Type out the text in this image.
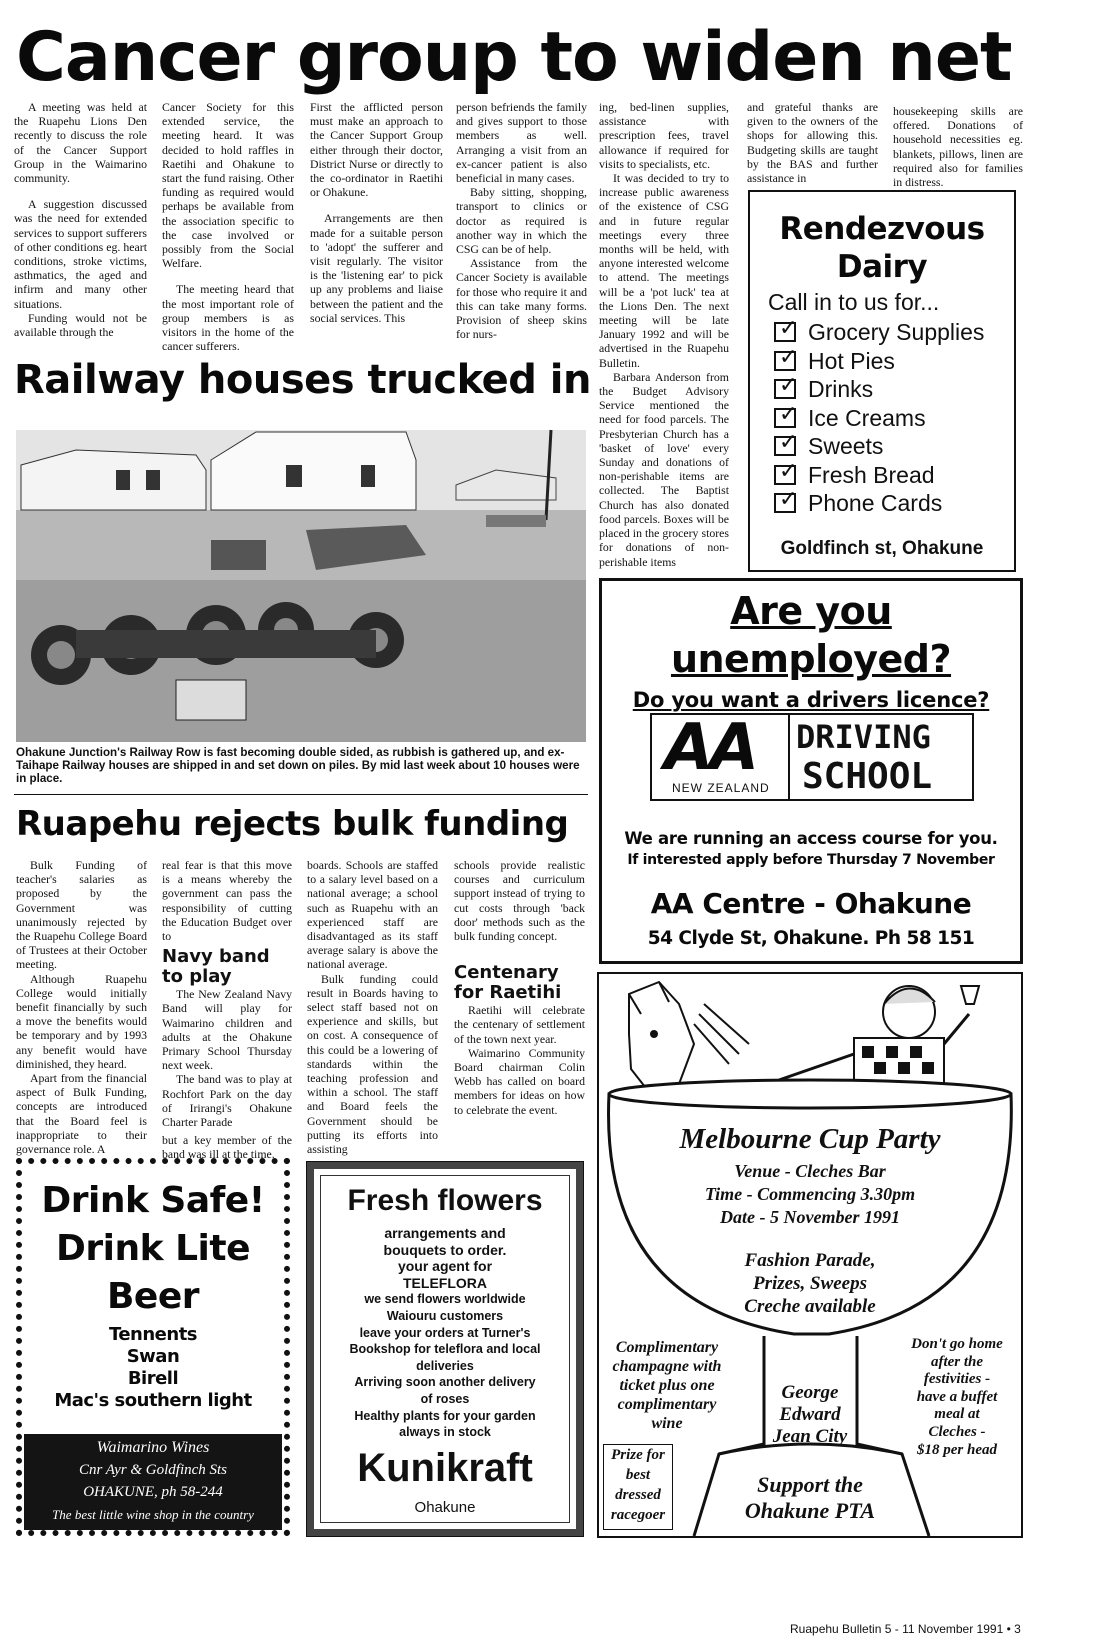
Cancer group to widen net

A meeting was held at the Ruapehu Lions Den recently to discuss the role of the Cancer Support Group in the Waimarino community.

A suggestion discussed was the need for extended services to support sufferers of other conditions eg. heart conditions, stroke victims, asthmatics, the aged and infirm and many other situations.

Funding would not be available through the

Cancer Society for this extended service, the meeting heard. It was decided to hold raffles in Raetihi and Ohakune to start the fund raising. Other funding as required would perhaps be available from the association specific to the case involved or possibly from the Social Welfare.

The meeting heard that the most important role of group members is as visitors in the home of the cancer sufferers.

First the afflicted person must make an approach to the Cancer Support Group either through their doctor, District Nurse or directly to the co-ordinator in Raetihi or Ohakune.

Arrangements are then made for a suitable person to 'adopt' the sufferer and visit regularly. The visitor is the 'listening ear' to pick up any problems and liaise between the patient and the social services. This

person befriends the family and gives support to those members as well. Arranging a visit from an ex-cancer patient is also beneficial in many cases.

Baby sitting, shopping, transport to clinics or doctor as required is another way in which the CSG can be of help.

Assistance from the Cancer Society is available for those who require it and this can take many forms. Provision of sheep skins for nurs-

ing, bed-linen supplies, assistance with prescription fees, travel allowance if required for visits to specialists, etc.

It was decided to try to increase public awareness of the existence of CSG and in future regular meetings every three months will be held, with anyone interested welcome to attend. The meetings will be a 'pot luck' tea at the Lions Den. The next meeting will be late January 1992 and will be advertised in the Ruapehu Bulletin.

Barbara Anderson from the Budget Advisory Service mentioned the need for food parcels. The Presbyterian Church has a 'basket of love' every Sunday and donations of non-perishable items are collected. The Baptist Church has also donated food parcels. Boxes will be placed in the grocery stores for donations of non-perishable items

and grateful thanks are given to the owners of the shops for allowing this. Budgeting skills are taught by the BAS and further assistance in

housekeeping skills are offered. Donations of household necessities eg. blankets, pillows, linen are required also for families in distress.

Rendezvous Dairy
Call in to us for...
✓Grocery Supplies
✓Hot Pies
✓Drinks
✓Ice Creams
✓Sweets
✓Fresh Bread
✓Phone Cards
Goldfinch st, Ohakune
Railway houses trucked in
Ohakune Junction's Railway Row is fast becoming double sided, as rubbish is gathered up, and ex-Taihape Railway houses are shipped in and set down on piles. By mid last week about 10 houses were in place.
Are you
unemployed?
Do you want a drivers licence?
AA
NEW ZEALAND
DRIVING
SCHOOL
We are running an access course for you.
If interested apply before Thursday 7 November
AA Centre - Ohakune
54 Clyde St, Ohakune. Ph 58 151
Ruapehu rejects bulk funding

Bulk Funding of teacher's salaries as proposed by the Government was unanimously rejected by the Ruapehu College Board of Trustees at their October meeting.

Although Ruapehu College would initially benefit financially by such a move the benefits would be temporary and by 1993 any benefit would have diminished, they heard.

Apart from the financial aspect of Bulk Funding, concepts are introduced that the Board feel is inappropriate to their governance role. A

real fear is that this move is a means whereby the government can pass the responsibility of cutting the Education Budget over to

Navy band to play

The New Zealand Navy Band will play for Waimarino children and adults at the Ohakune Primary School Thursday next week.

The band was to play at Rochfort Park on the day of Irirangi's Ohakune Charter Parade

but a key member of the band was ill at the time.

boards. Schools are staffed to a salary level based on a national average; a school such as Ruapehu with an experienced staff are disadvantaged as its staff average salary is above the national average.

Bulk funding could result in Boards having to select staff based not on experience and skills, but on cost. A consequence of this could be a lowering of standards within the teaching profession and within a school. The staff and Board feels the Government should be putting its efforts into assisting

schools provide realistic courses and curriculum support instead of trying to cut costs through 'back door' methods such as the bulk funding concept.

Centenary for Raetihi

Raetihi will celebrate the centenary of settlement of the town next year.

Waimarino Community Board chairman Colin Webb has called on board members for ideas on how to celebrate the event.

Drink Safe!
Drink Lite
Beer
Tennents
Swan
Birell
Mac's southern light
Waimarino Wines
Cnr Ayr & Goldfinch Sts
OHAKUNE, ph 58-244
The best little wine shop in the country
Fresh flowers
arrangements and
bouquets to order.
your agent for
TELEFLORA
we send flowers worldwide
Waiouru customers
leave your orders at Turner's
Bookshop for teleflora and local
deliveries
Arriving soon another delivery
of roses
Healthy plants for your garden
always in stock
Kunikraft
Ohakune
Melbourne Cup Party
Venue - Cleches Bar
Time - Commencing 3.30pm
Date - 5 November 1991
Fashion Parade,
Prizes, Sweeps
Creche available
Complimentary
champagne with
ticket plus one
complimentary
wine
George
Edward
Jean City
Don't go home
after the
festivities -
have a buffet
meal at
Cleches -
$18 per head
Prize for
best
dressed
racegoer
Support the
Ohakune PTA
Ruapehu Bulletin 5 - 11 November 1991 • 3
